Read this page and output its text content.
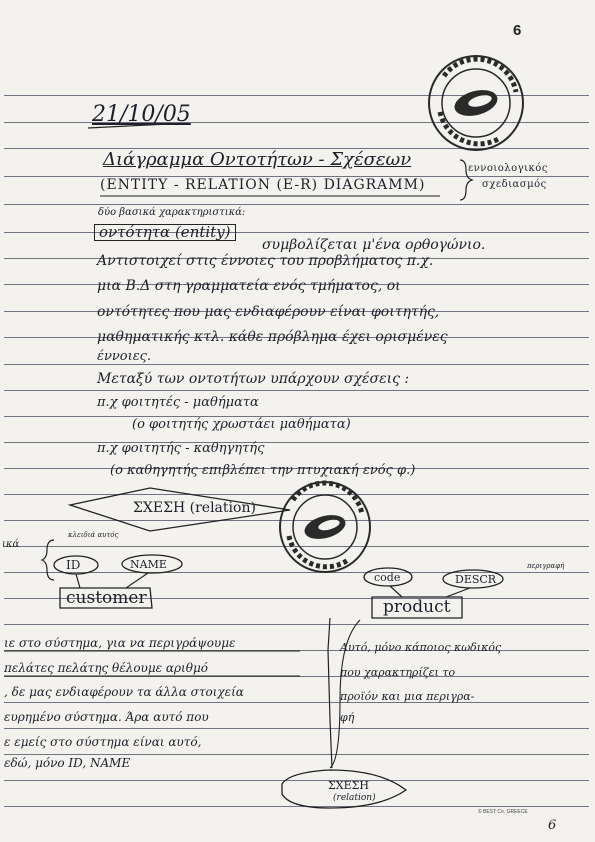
6
21/10/05
Διάγραμμα Οντοτήτων - Σχέσεων
(ENTITY - RELATION (E-R) DIAGRAMM)
εννοιολογικός
σχεδιασμός
δύο βασικά χαρακτηριστικά:
οντότητα (entity)
συμβολίζεται μ'ένα ορθογώνιο.
Αντιστοιχεί στις έννοιες του προβλήματος π.χ.
μια Β.Δ στη γραμματεία ενός τμήματος, οι
οντότητες που μας ενδιαφέρουν είναι φοιτητής,
μαθηματικής κτλ. κάθε πρόβλημα έχει ορισμένες
έννοιες.
Μεταξύ των οντοτήτων υπάρχουν σχέσεις :
π.χ φοιτητές - μαθήματα
(ο φοιτητής χρωστάει μαθήματα)
π.χ φοιτητής - καθηγητής
(ο καθηγητής επιβλέπει την πτυχιακή ενός φ.)
ικά
κλειδιά αυτός
ΣΧΕΣΗ (relation)
ID	NAME
code	DESCR
περιγραφή
customer	product
ιε στο σύστημα, για να περιγράψουμε
πελάτες πελάτης θέλουμε αριθμό
, δε μας ενδιαφέρουν τα άλλα στοιχεία
ευρημένο σύστημα. Άρα αυτό που
ε εμείς στο σύστημα είναι αυτό,
εδώ, μόνο ID, NAME
Αυτό, μόνο κάποιος κωδικός
που χαρακτηρίζει το
προϊόν και μια περιγρα-
φή
ΣΧΕΣΗ
(relation)
© BEST Co. GREECE
6
